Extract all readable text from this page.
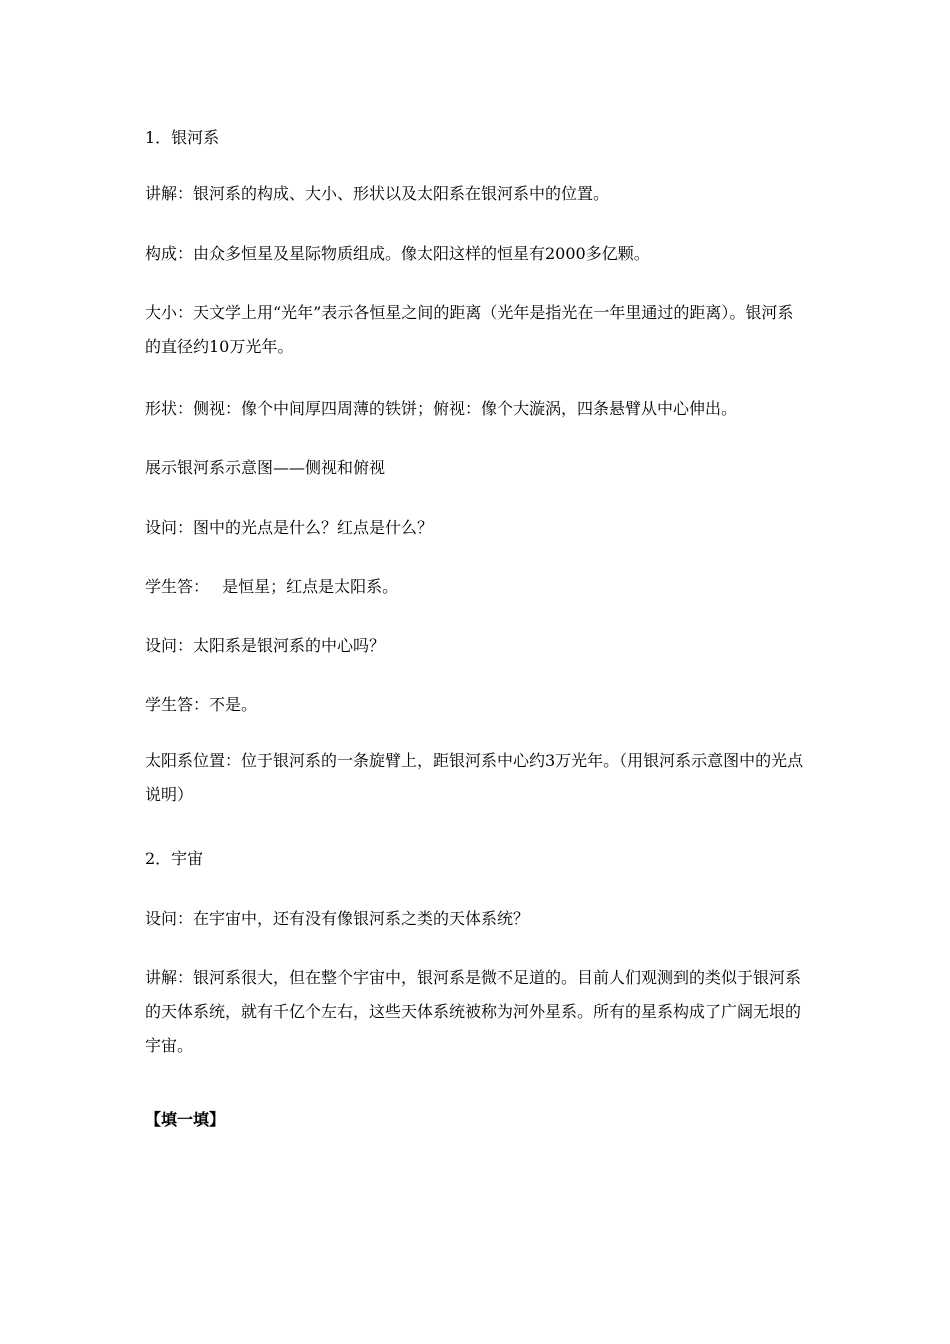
1．银河系

讲解：银河系的构成、大小、形状以及太阳系在银河系中的位置。

构成：由众多恒星及星际物质组成。像太阳这样的恒星有2000多亿颗。

大小：天文学上用“光年”表示各恒星之间的距离（光年是指光在一年里通过的距离）。银河系的直径约10万光年。

形状：侧视：像个中间厚四周薄的铁饼；俯视：像个大漩涡，四条悬臂从中心伸出。

展示银河系示意图——侧视和俯视

设问：图中的光点是什么？红点是什么？

学生答：　 是恒星；红点是太阳系。

设问：太阳系是银河系的中心吗？

学生答：不是。

太阳系位置：位于银河系的一条旋臂上，距银河系中心约3万光年。（用银河系示意图中的光点说明）

2．宇宙

设问：在宇宙中，还有没有像银河系之类的天体系统？

讲解：银河系很大，但在整个宇宙中，银河系是微不足道的。目前人们观测到的类似于银河系的天体系统，就有千亿个左右，这些天体系统被称为河外星系。所有的星系构成了广阔无垠的宇宙。

【填一填】
